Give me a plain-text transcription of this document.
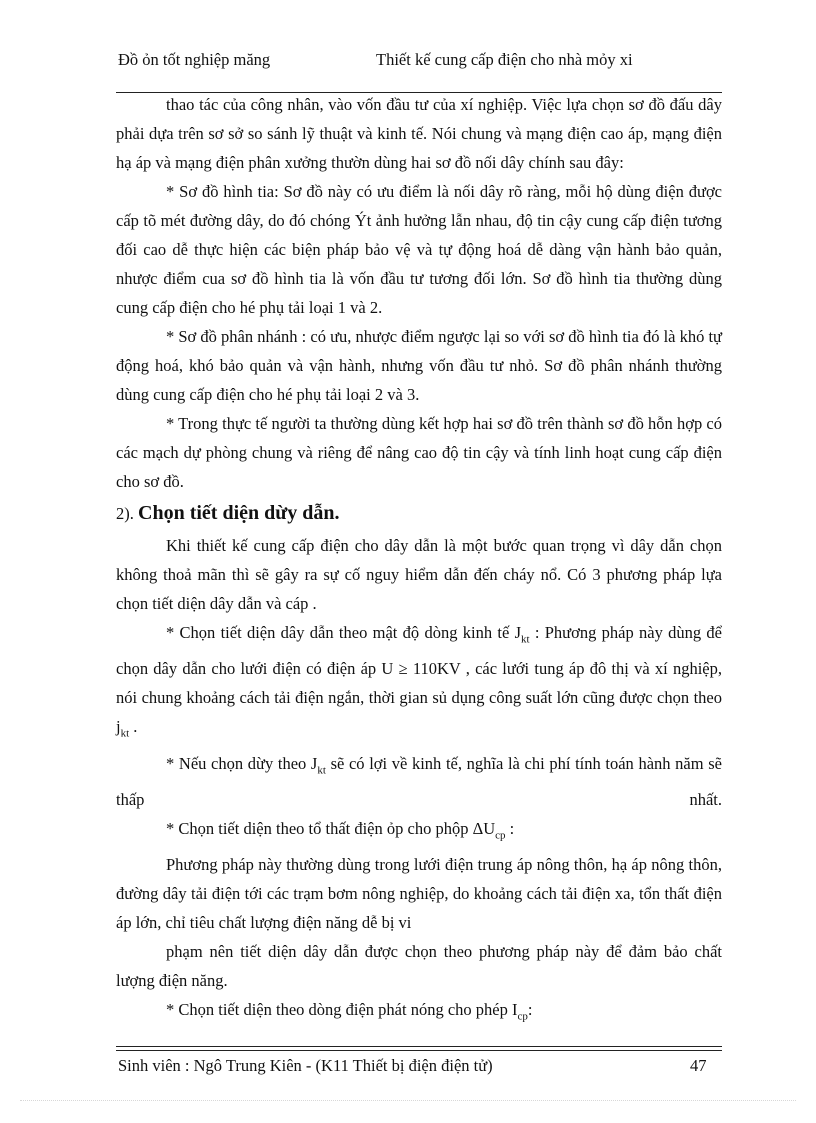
Đồ ỏn tốt nghiệp măng	Thiết kế cung cấp điện cho nhà mỏy xi

thao tác của công nhân, vào vốn đầu tư của xí nghiệp. Việc lựa chọn sơ đồ đấu dây phải dựa trên sơ sở so sánh lỹ thuật và kinh tế. Nói chung và mạng điện cao áp, mạng điện hạ áp và mạng điện phân xưởng thườn dùng hai sơ đồ nối dây chính sau đây:

* Sơ đồ hình tia: Sơ đồ này có ưu điểm là nối dây rõ ràng, mỗi hộ dùng điện được cấp tõ mét đường dây, do đó chóng Ýt ảnh hưởng lẫn nhau, độ tin cậy cung cấp điện tương đối cao dễ thực hiện các biện pháp bảo vệ và tự động hoá dễ dàng vận hành bảo quản, nhược điểm cua sơ đồ hình tia là vốn đầu tư tương đối lớn. Sơ đồ hình tia thường dùng cung cấp điện cho hé phụ tải loại 1 và 2.

* Sơ đồ phân nhánh : có ưu, nhược điểm ngược lại so với sơ đồ hình tia đó là khó tự động hoá, khó bảo quản và vận hành, nhưng vốn đầu tư nhỏ. Sơ đồ phân nhánh thường dùng cung cấp điện cho hé phụ tải loại 2 và 3.

* Trong thực tế người ta thường dùng kết hợp hai sơ đồ trên thành sơ đồ hỗn hợp có các mạch dự phòng chung và riêng để nâng cao độ tin cậy và tính linh hoạt cung cấp điện cho sơ đồ.

2). Chọn tiết diện dừy dẫn.

Khi thiết kế cung cấp điện cho dây dẫn là một bước quan trọng vì dây dẫn chọn không thoả mãn thì sẽ gây ra sự cố nguy hiểm dẫn đến cháy nổ. Có 3 phương pháp lựa chọn tiết diện dây dẫn và cáp .

* Chọn tiết diện dây dẫn theo mật độ dòng kinh tế $J_{kt}$ : Phương pháp này dùng để chọn dây dẫn cho lưới điện có điện áp U ≥ 110KV , các lưới tung áp đô thị và xí nghiệp, nói chung khoảng cách tải điện ngắn, thời gian sủ dụng công suất lớn cũng được chọn theo $j_{kt}$ .

* Nếu chọn dừy theo $J_{kt}$ sẽ có lợi về kinh tế, nghĩa là chi phí tính toán hành năm sẽ thấp nhất.

* Chọn tiết diện theo tổ thất điện ỏp cho phộp $\Delta U_{cp}$ :

Phương pháp này thường dùng trong lưới điện trung áp nông thôn, hạ áp nông thôn, đường dây tải điện tới các trạm bơm nông nghiệp, do khoảng cách tải điện xa, tổn thất điện áp lớn, chỉ tiêu chất lượng điện năng dễ bị vi

phạm nên tiết diện dây dẫn được chọn theo phương pháp này để đảm bảo chất lượng điện năng.

* Chọn tiết diện theo dòng điện phát nóng cho phép $I_{cp}$:

Sinh viên : Ngô Trung Kiên - (K11 Thiết bị điện điện tử)	47
